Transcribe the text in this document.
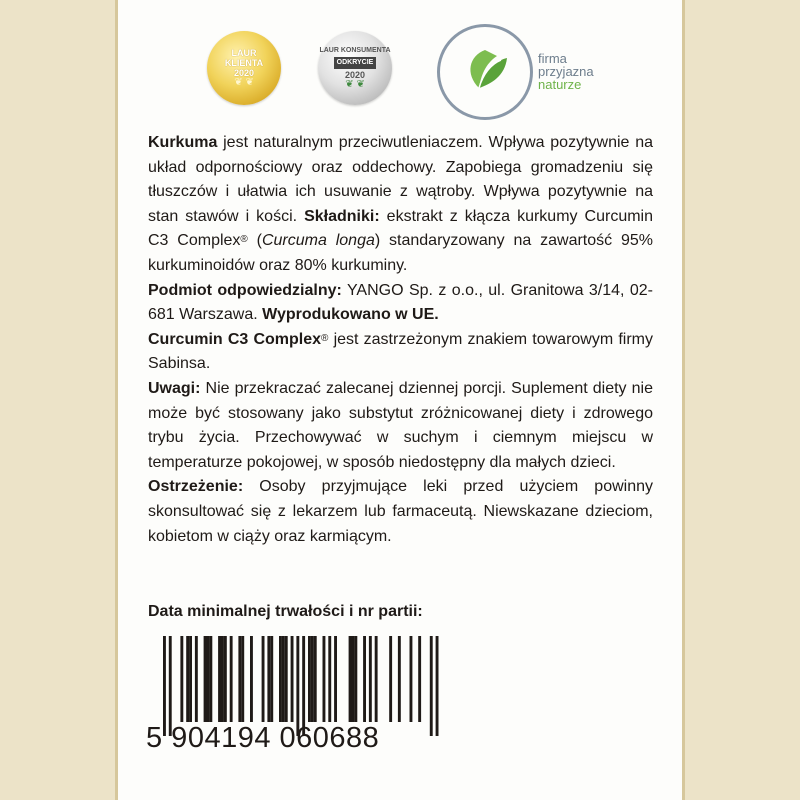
LAUR
KLIENTA
2020
❦ ❦
LAUR KONSUMENTA
ODKRYCIE
2020
❦ ❦
firma
przyjazna
naturze

Kurkuma jest naturalnym przeciwutleniaczem. Wpływa pozytywnie na układ odpornościowy oraz oddechowy. Zapobiega gromadzeniu się tłuszczów i ułatwia ich usuwanie z wątroby. Wpływa pozytywnie na stan stawów i kości. Składniki: ekstrakt z kłącza kurkumy Curcumin C3 Complex® (Curcuma longa) standaryzowany na zawartość 95% kurkuminoidów oraz 80% kurkuminy.

Podmiot odpowiedzialny: YANGO Sp. z o.o., ul. Granitowa 3/14, 02-681 Warszawa. Wyprodukowano w UE.

Curcumin C3 Complex® jest zastrzeżonym znakiem towarowym firmy Sabinsa.

Uwagi: Nie przekraczać zalecanej dziennej porcji. Suplement diety nie może być stosowany jako substytut zróżnicowanej diety i zdrowego trybu życia. Przechowywać w suchym i ciemnym miejscu w temperaturze pokojowej, w sposób niedostępny dla małych dzieci.

Ostrzeżenie: Osoby przyjmujące leki przed użyciem powinny skonsultować się z lekarzem lub farmaceutą. Niewskazane dzieciom, kobietom w ciąży oraz karmiącym.

Data minimalnej trwałości i nr partii:
5 904194 060688
